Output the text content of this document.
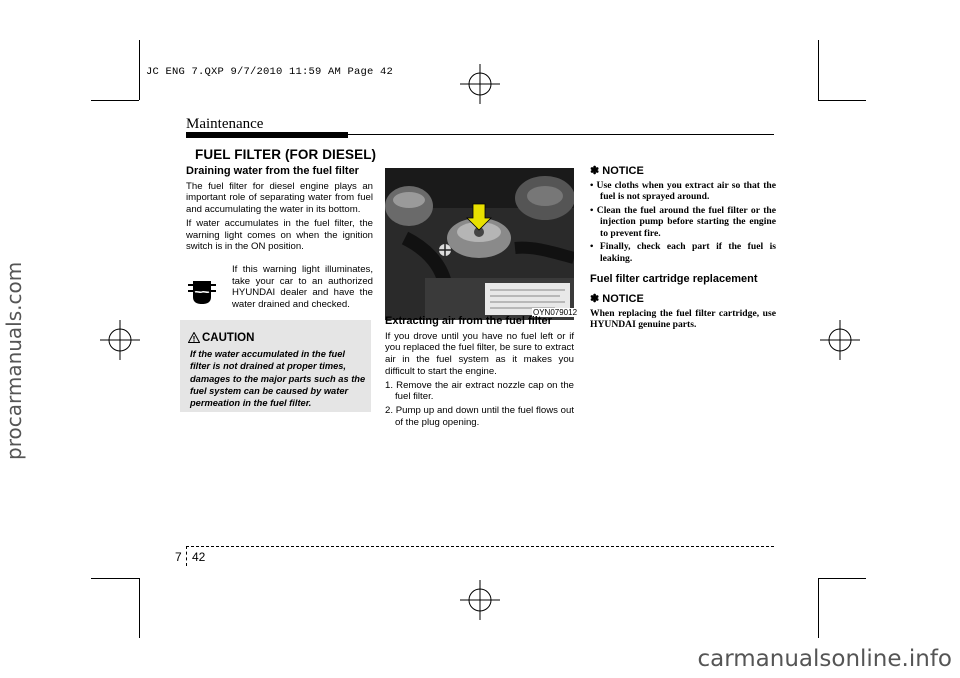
JC ENG 7.QXP 9/7/2010 11:59 AM Page 42
procarmanuals.com
Maintenance
FUEL FILTER (FOR DIESEL)
Draining water from the fuel filter

The fuel filter for diesel engine plays an important role of separating water from fuel and accumulating the water in its bottom.

If water accumulates in the fuel filter, the warning light comes on when the ignition switch is in the ON position.

If this warning light illuminates, take your car to an authorized HYUNDAI dealer and have the water drained and checked.
CAUTION
If the water accumulated in the fuel filter is not drained at proper times, damages to the major parts such as the fuel system can be caused by water permeation in the fuel filter.
OYN079012
Extracting air from the fuel filter

If you drove until you have no fuel left or if you replaced the fuel filter, be sure to extract air in the fuel system as it makes you difficult to start the engine.

1. Remove the air extract nozzle cap on the fuel filter.

2. Pump up and down until the fuel flows out of the plug opening.

✽ NOTICE

• Use cloths when you extract air so that the fuel is not sprayed around.

• Clean the fuel around the fuel filter or the injection pump before starting the engine to prevent fire.

• Finally, check each part if the fuel is leaking.

Fuel filter cartridge replacement
✽ NOTICE

When replacing the fuel filter cartridge, use HYUNDAI genuine parts.

7 42
carmanualsonline.info
